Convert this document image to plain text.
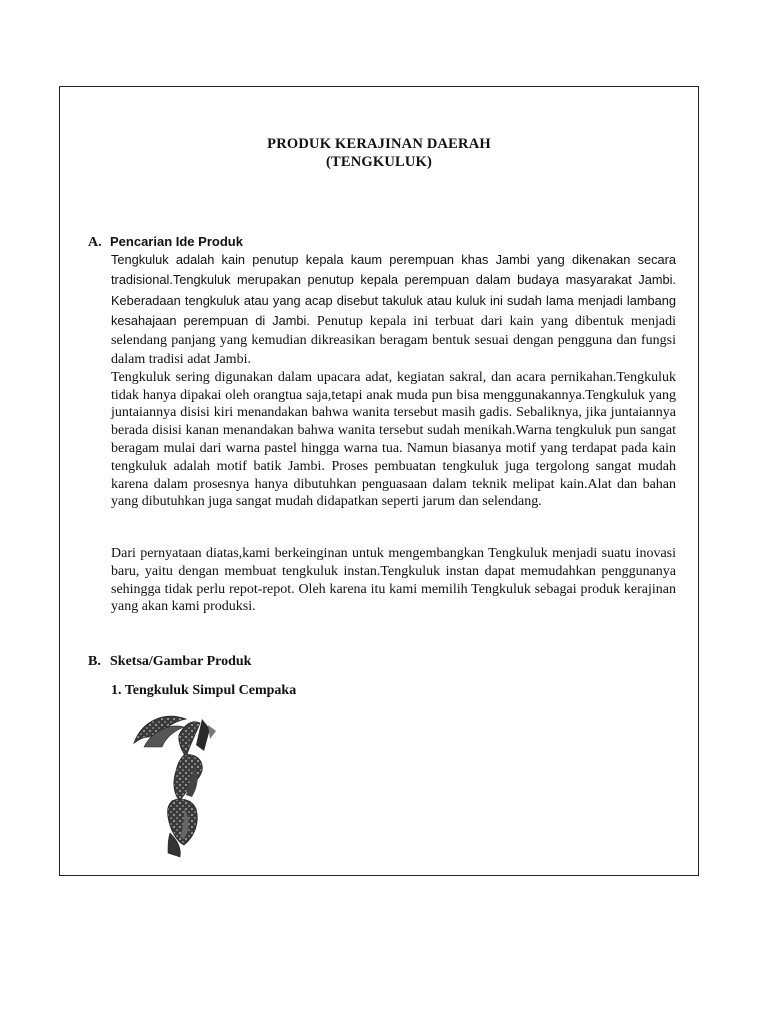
PRODUK KERAJINAN DAERAH
(TENGKULUK)
A. Pencarian Ide Produk
Tengkuluk adalah kain penutup kepala kaum perempuan khas Jambi yang dikenakan secara tradisional.Tengkuluk merupakan penutup kepala perempuan dalam budaya masyarakat Jambi. Keberadaan tengkuluk atau yang acap disebut takuluk atau kuluk ini sudah lama menjadi lambang kesahajaan perempuan di Jambi. Penutup kepala ini terbuat dari kain yang dibentuk menjadi selendang panjang yang kemudian dikreasikan beragam bentuk sesuai dengan pengguna dan fungsi dalam tradisi adat Jambi.
Tengkuluk sering digunakan dalam upacara adat, kegiatan sakral, dan acara pernikahan.Tengkuluk tidak hanya dipakai oleh orangtua saja,tetapi anak muda pun bisa menggunakannya.Tengkuluk yang juntaiannya disisi kiri menandakan bahwa wanita tersebut masih gadis. Sebaliknya, jika juntaiannya berada disisi kanan menandakan bahwa wanita tersebut sudah menikah.Warna tengkuluk pun sangat beragam mulai dari warna pastel hingga warna tua. Namun biasanya motif yang terdapat pada kain tengkuluk adalah motif batik Jambi. Proses pembuatan tengkuluk juga tergolong sangat mudah karena dalam prosesnya hanya dibutuhkan penguasaan dalam teknik melipat kain.Alat dan bahan yang dibutuhkan juga sangat mudah didapatkan seperti jarum dan selendang.
Dari pernyataan diatas,kami berkeinginan untuk mengembangkan Tengkuluk menjadi suatu inovasi baru, yaitu dengan membuat tengkuluk instan.Tengkuluk instan dapat memudahkan penggunanya sehingga tidak perlu repot-repot. Oleh karena itu kami memilih Tengkuluk sebagai produk kerajinan yang akan kami produksi.
B. Sketsa/Gambar Produk
1. Tengkuluk Simpul Cempaka
